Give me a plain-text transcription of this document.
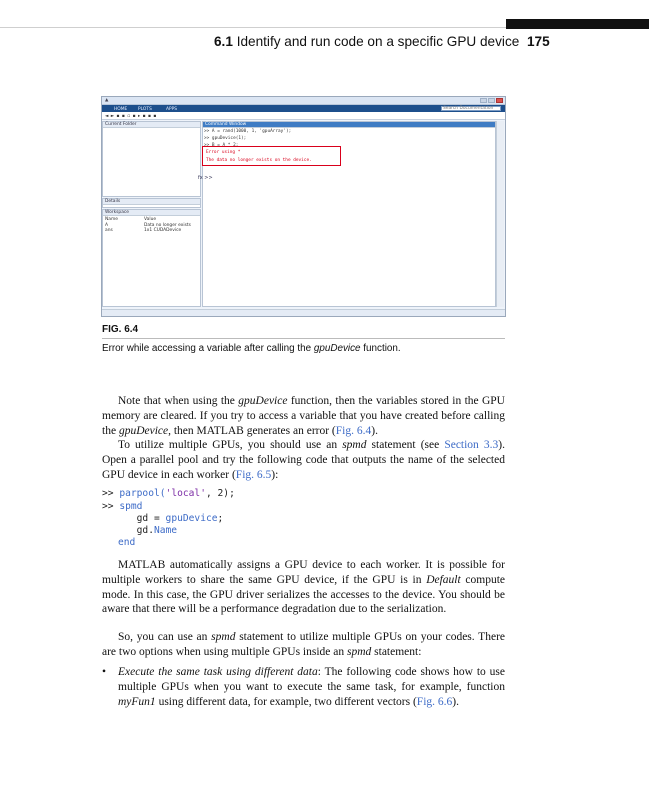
6.1 Identify and run code on a specific GPU device 175
▲
HOME PLOTS	APPS	Search Documentation
◄ ► ▪ ▪ ▫ ▪ ▸ ▪ ▪ ▪
Current Folder
Details
Workspace
Name	Value
A	Data no longer exists
ans	1x1 CUDADevice
Command Window
>> A = rand(1000, 1, 'gpuArray');
>> gpuDevice(1);
>> B = A * 2;
Error using *
The data no longer exists on the device.
fx >>
FIG. 6.4
Error while accessing a variable after calling the gpuDevice function.
Note that when using the gpuDevice function, then the variables stored in the GPU memory are cleared. If you try to access a variable that you have created before calling the gpuDevice, then MATLAB generates an error (Fig. 6.4).
To utilize multiple GPUs, you should use an spmd statement (see Section 3.3). Open a parallel pool and try the following code that outputs the name of the selected GPU device in each worker (Fig. 6.5):
>> parpool('local', 2);
>> spmd
gd = gpuDevice;
gd.Name
end
MATLAB automatically assigns a GPU device to each worker. It is possible for multiple workers to share the same GPU device, if the GPU is in Default compute mode. In this case, the GPU driver serializes the accesses to the device. You should be aware that there will be a performance degradation due to the serialization.
So, you can use an spmd statement to utilize multiple GPUs on your codes. There are two options when using multiple GPUs inside an spmd statement:
• Execute the same task using different data: The following code shows how to use multiple GPUs when you want to execute the same task, for example, function myFun1 using different data, for example, two different vectors (Fig. 6.6).
